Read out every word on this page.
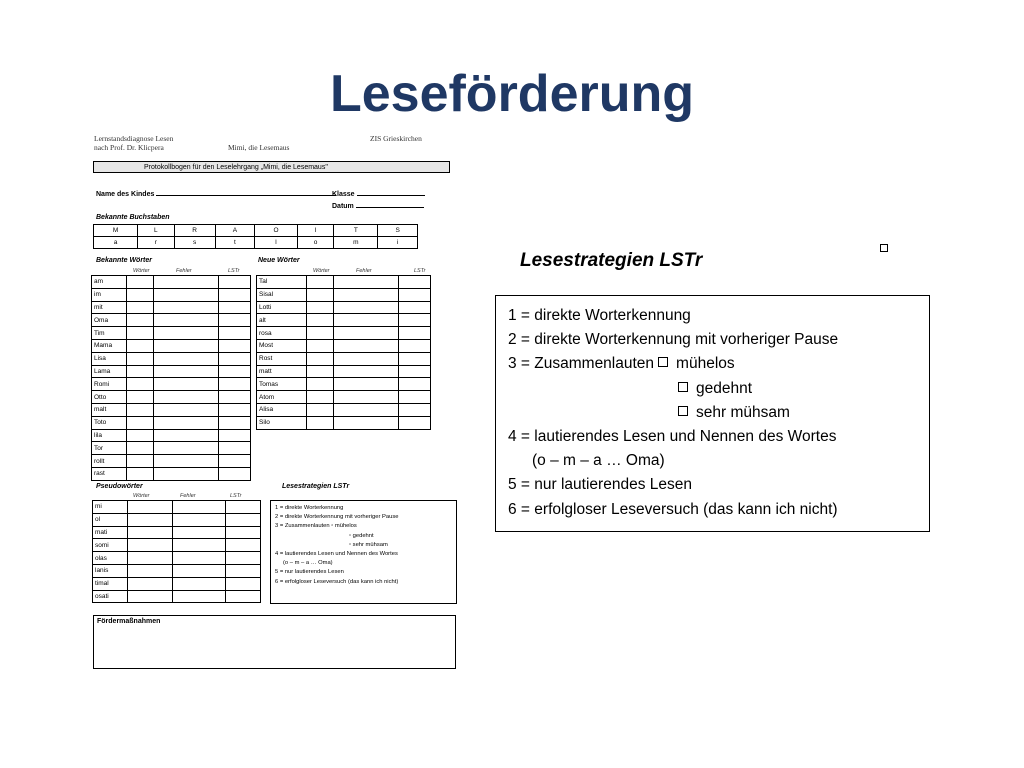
Leseförderung
Lernstandsdiagnose Lesen
nach Prof. Dr. Klicpera	Mimi, die Lesemaus
ZIS Grieskirchen
Protokollbogen für den Leselehrgang „Mimi, die Lesemaus"
Name des Kindes	Klasse
Datum
Bekannte Buchstaben
M	L	R	A	O	I	T	S
a	r	s	t	l	o	m	i
Bekannte Wörter	Neue Wörter
Wörter	Fehler	LSTr	Wörter	Fehler	LSTr
am			
im			
mit			
Oma			
Tim			
Mama			
Lisa			
Lama			
Romi			
Otto			
malt			
Toto			
lila			
Tor			
rollt			
rast			
Tal			
Sisal			
Lotti			
alt			
rosa			
Most			
Rost			
matt			
Tomas			
Atom			
Alisa			
Silo			
Pseudowörter
Wörter	Fehler	LSTr
mi			
ol			
mati			
somi			
olas			
lanis			
timal			
osati			
Lesestrategien LSTr
1 = direkte Worterkennung
2 = direkte Worterkennung mit vorheriger Pause
3 = Zusammenlauten ▫ mühelos
▫ gedehnt
▫ sehr mühsam
4 = lautierendes Lesen und Nennen des Wortes
(o – m – a … Oma)
5 = nur lautierendes Lesen
6 = erfolgloser Leseversuch (das kann ich nicht)
Fördermaßnahmen
Lesestrategien LSTr
1 = direkte Worterkennung
2 = direkte Worterkennung mit vorheriger Pause
3 = Zusammenlauten mühelos
gedehnt
sehr mühsam
4 = lautierendes Lesen und Nennen des Wortes
(o – m – a … Oma)
5 = nur lautierendes Lesen
6 = erfolgloser Leseversuch (das kann ich nicht)
